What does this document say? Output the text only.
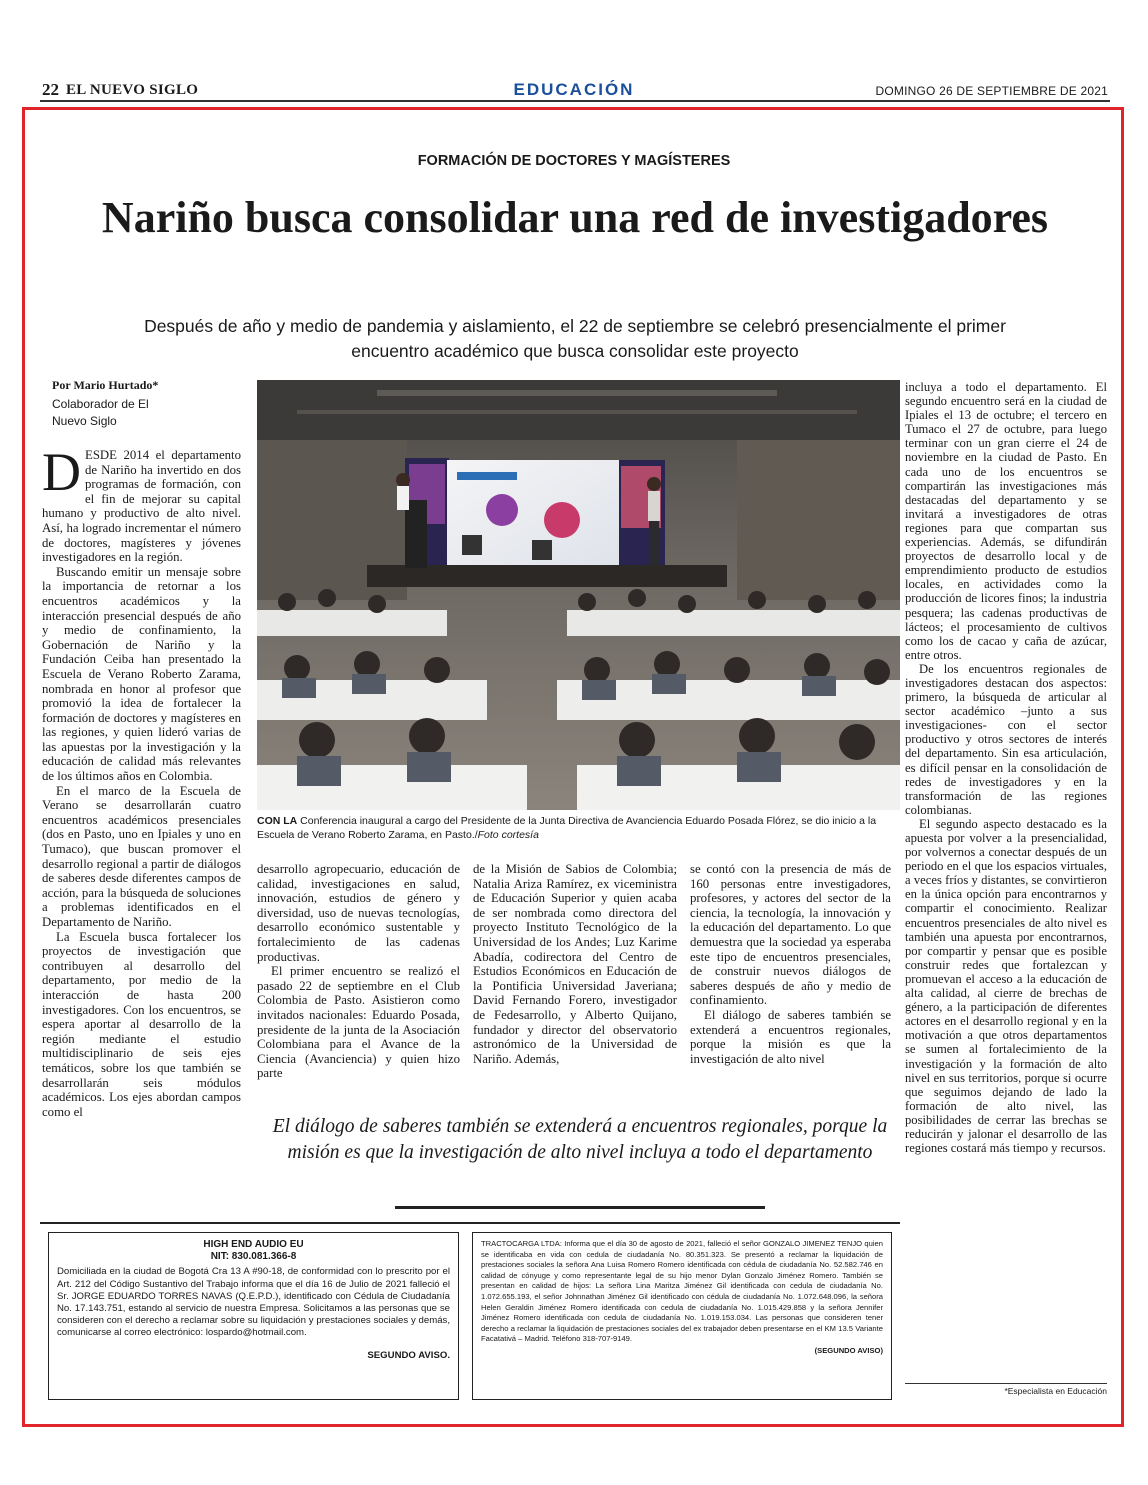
22 EL NUEVO SIGLO	EDUCACIÓN	DOMINGO 26 DE SEPTIEMBRE DE 2021
FORMACIÓN DE DOCTORES Y MAGÍSTERES
Nariño busca consolidar una red de investigadores
Después de año y medio de pandemia y aislamiento, el 22 de septiembre se celebró presencialmente el primer encuentro académico que busca consolidar este proyecto
Por Mario Hurtado*
Colaborador de El Nuevo Siglo

DESDE 2014 el departamento de Nariño ha invertido en dos programas de formación, con el fin de mejorar su capital humano y productivo de alto nivel. Así, ha logrado incrementar el número de doctores, magísteres y jóvenes investigadores en la región.

Buscando emitir un mensaje sobre la importancia de retornar a los encuentros académicos y la interacción presencial después de año y medio de confinamiento, la Gobernación de Nariño y la Fundación Ceiba han presentado la Escuela de Verano Roberto Zarama, nombrada en honor al profesor que promovió la idea de fortalecer la formación de doctores y magísteres en las regiones, y quien lideró varias de las apuestas por la investigación y la educación de calidad más relevantes de los últimos años en Colombia.

En el marco de la Escuela de Verano se desarrollarán cuatro encuentros académicos presenciales (dos en Pasto, uno en Ipiales y uno en Tumaco), que buscan promover el desarrollo regional a partir de diálogos de saberes desde diferentes campos de acción, para la búsqueda de soluciones a problemas identificados en el Departamento de Nariño.

La Escuela busca fortalecer los proyectos de investigación que contribuyen al desarrollo del departamento, por medio de la interacción de hasta 200 investigadores. Con los encuentros, se espera aportar al desarrollo de la región mediante el estudio multidisciplinario de seis ejes temáticos, sobre los que también se desarrollarán seis módulos académicos. Los ejes abordan campos como el

CON LA Conferencia inaugural a cargo del Presidente de la Junta Directiva de Avanciencia Eduardo Posada Flórez, se dio inicio a la Escuela de Verano Roberto Zarama, en Pasto./Foto cortesía

desarrollo agropecuario, educación de calidad, investigaciones en salud, innovación, estudios de género y diversidad, uso de nuevas tecnologías, desarrollo económico sustentable y fortalecimiento de las cadenas productivas.

El primer encuentro se realizó el pasado 22 de septiembre en el Club Colombia de Pasto. Asistieron como invitados nacionales: Eduardo Posada, presidente de la junta de la Asociación Colombiana para el Avance de la Ciencia (Avanciencia) y quien hizo parte

de la Misión de Sabios de Colombia; Natalia Ariza Ramírez, ex viceministra de Educación Superior y quien acaba de ser nombrada como directora del proyecto Instituto Tecnológico de la Universidad de los Andes; Luz Karime Abadía, codirectora del Centro de Estudios Económicos en Educación de la Pontificia Universidad Javeriana; David Fernando Forero, investigador de Fedesarrollo, y Alberto Quijano, fundador y director del observatorio astronómico de la Universidad de Nariño. Además,

se contó con la presencia de más de 160 personas entre investigadores, profesores, y actores del sector de la ciencia, la tecnología, la innovación y la educación del departamento. Lo que demuestra que la sociedad ya esperaba este tipo de encuentros presenciales, de construir nuevos diálogos de saberes después de año y medio de confinamiento.

El diálogo de saberes también se extenderá a encuentros regionales, porque la misión es que la investigación de alto nivel

incluya a todo el departamento. El segundo encuentro será en la ciudad de Ipiales el 13 de octubre; el tercero en Tumaco el 27 de octubre, para luego terminar con un gran cierre el 24 de noviembre en la ciudad de Pasto. En cada uno de los encuentros se compartirán las investigaciones más destacadas del departamento y se invitará a investigadores de otras regiones para que compartan sus experiencias. Además, se difundirán proyectos de desarrollo local y de emprendimiento producto de estudios locales, en actividades como la producción de licores finos; la industria pesquera; las cadenas productivas de lácteos; el procesamiento de cultivos como los de cacao y caña de azúcar, entre otros.

De los encuentros regionales de investigadores destacan dos aspectos: primero, la búsqueda de articular al sector académico –junto a sus investigaciones- con el sector productivo y otros sectores de interés del departamento. Sin esa articulación, es difícil pensar en la consolidación de redes de investigadores y en la transformación de las regiones colombianas.

El segundo aspecto destacado es la apuesta por volver a la presencialidad, por volvernos a conectar después de un periodo en el que los espacios virtuales, a veces fríos y distantes, se convirtieron en la única opción para encontrarnos y compartir el conocimiento. Realizar encuentros presenciales de alto nivel es también una apuesta por encontrarnos, por compartir y pensar que es posible construir redes que fortalezcan y promuevan el acceso a la educación de alta calidad, al cierre de brechas de género, a la participación de diferentes actores en el desarrollo regional y en la motivación a que otros departamentos se sumen al fortalecimiento de la investigación y la formación de alto nivel en sus territorios, porque si ocurre que seguimos dejando de lado la formación de alto nivel, las posibilidades de cerrar las brechas se reducirán y jalonar el desarrollo de las regiones costará más tiempo y recursos.

El diálogo de saberes también se extenderá a encuentros regionales, porque la misión es que la investigación de alto nivel incluya a todo el departamento
HIGH END AUDIO EU
NIT: 830.081.366-8
Domiciliada en la ciudad de Bogotá Cra 13 A #90-18, de conformidad con lo prescrito por el Art. 212 del Código Sustantivo del Trabajo informa que el día 16 de Julio de 2021 falleció el Sr. JORGE EDUARDO TORRES NAVAS (Q.E.P.D.), identificado con Cédula de Ciudadanía No. 17.143.751, estando al servicio de nuestra Empresa. Solicitamos a las personas que se consideren con el derecho a reclamar sobre su liquidación y prestaciones sociales y demás, comunicarse al correo electrónico: lospardo@hotmail.com.
SEGUNDO AVISO.
TRACTOCARGA LTDA: Informa que el día 30 de agosto de 2021, falleció el señor GONZALO JIMENEZ TENJO quien se identificaba en vida con cedula de ciudadanía No. 80.351.323. Se presentó a reclamar la liquidación de prestaciones sociales la señora Ana Luisa Romero Romero identificada con cédula de ciudadanía No. 52.582.746 en calidad de cónyuge y como representante legal de su hijo menor Dylan Gonzalo Jiménez Romero. También se presentan en calidad de hijos: La señora Lina Maritza Jiménez Gil identificada con cedula de ciudadanía No. 1.072.655.193, el señor Johnnathan Jiménez Gil identificado con cédula de ciudadanía No. 1.072.648.096, la señora Helen Geraldin Jiménez Romero identificada con cedula de ciudadanía No. 1.015.429.858 y la señora Jennifer Jiménez Romero identificada con cedula de ciudadanía No. 1.019.153.034. Las personas que consideren tener derecho a reclamar la liquidación de prestaciones sociales del ex trabajador deben presentarse en el KM 13.5 Variante Facatativá – Madrid. Teléfono 318-707-9149.
(SEGUNDO AVISO)
*Especialista en Educación
